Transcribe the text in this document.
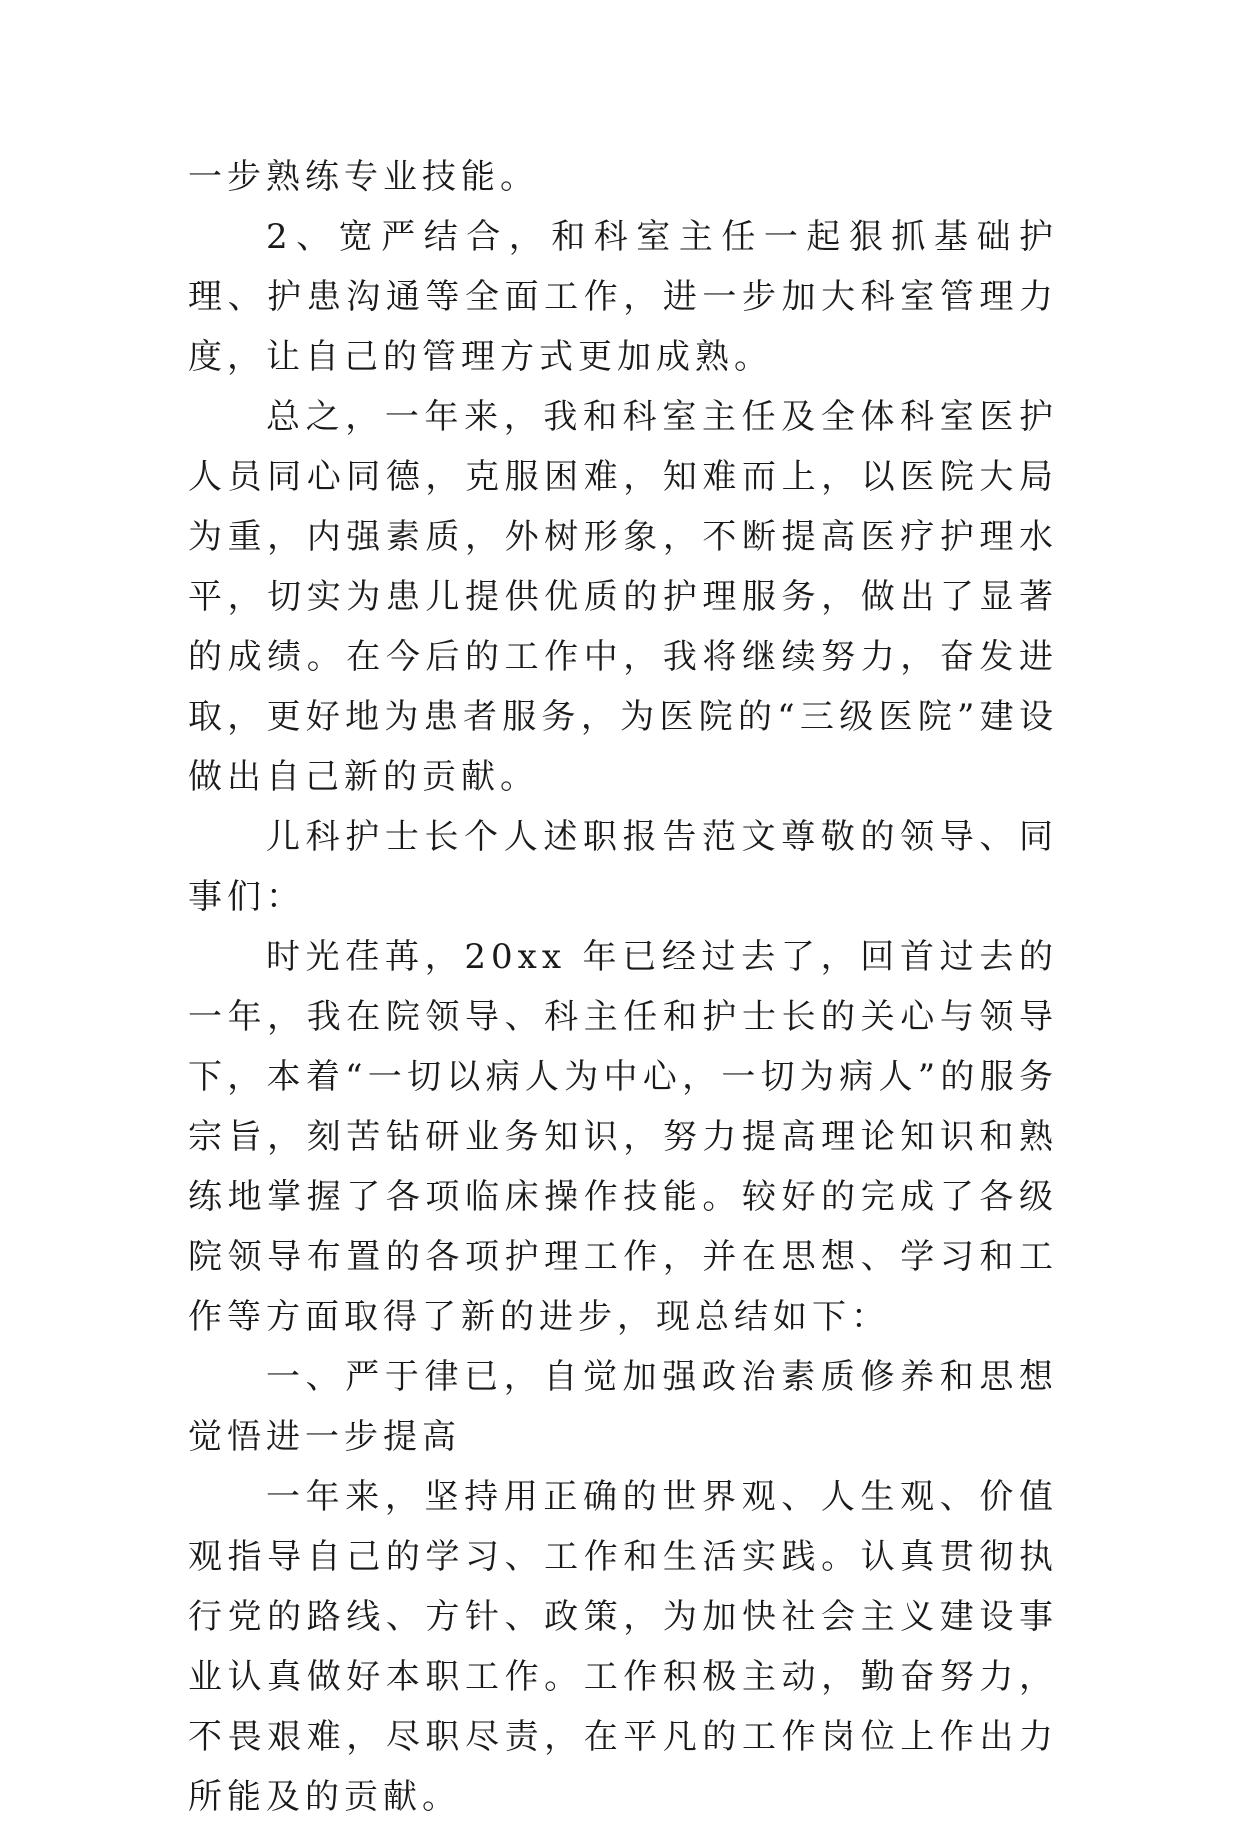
一步熟练专业技能。

2、宽严结合，和科室主任一起狠抓基础护理、护患沟通等全面工作，进一步加大科室管理力度，让自己的管理方式更加成熟。

总之，一年来，我和科室主任及全体科室医护人员同心同德，克服困难，知难而上，以医院大局为重，内强素质，外树形象，不断提高医疗护理水平，切实为患儿提供优质的护理服务，做出了显著的成绩。在今后的工作中，我将继续努力，奋发进取，更好地为患者服务，为医院的“三级医院”建设做出自己新的贡献。

儿科护士长个人述职报告范文尊敬的领导、同事们：

时光荏苒，20xx 年已经过去了，回首过去的一年，我在院领导、科主任和护士长的关心与领导下，本着“一切以病人为中心，一切为病人”的服务宗旨，刻苦钻研业务知识，努力提高理论知识和熟练地掌握了各项临床操作技能。较好的完成了各级院领导布置的各项护理工作，并在思想、学习和工作等方面取得了新的进步，现总结如下：

一、严于律已，自觉加强政治素质修养和思想觉悟进一步提高

一年来，坚持用正确的世界观、人生观、价值观指导自己的学习、工作和生活实践。认真贯彻执行党的路线、方针、政策，为加快社会主义建设事业认真做好本职工作。工作积极主动，勤奋努力，不畏艰难，尽职尽责，在平凡的工作岗位上作出力所能及的贡献。
